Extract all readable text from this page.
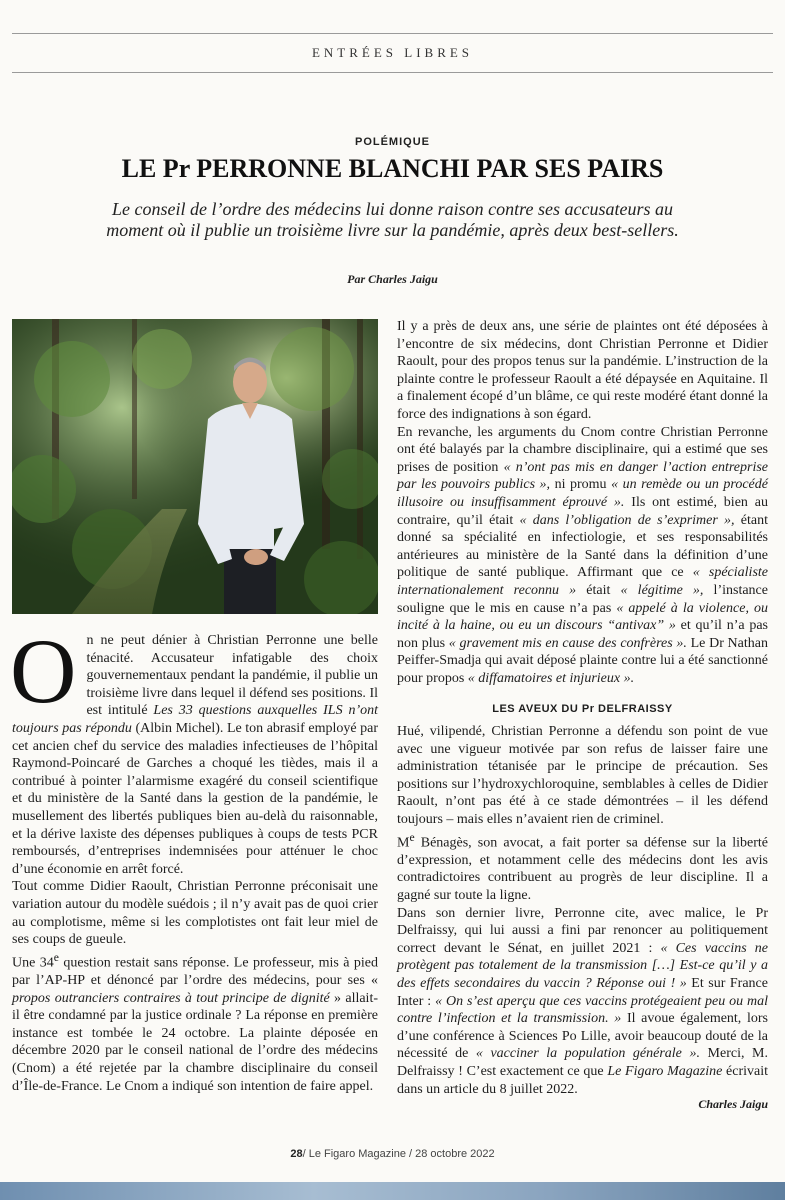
ENTRÉES LIBRES
POLÉMIQUE
LE Pr PERRONNE BLANCHI PAR SES PAIRS
Le conseil de l’ordre des médecins lui donne raison contre ses accusateurs au moment où il publie un troisième livre sur la pandémie, après deux best-sellers.
Par Charles Jaigu

On ne peut dénier à Christian Perronne une belle ténacité. Accusateur infatigable des choix gouvernementaux pendant la pandémie, il publie un troisième livre dans lequel il défend ses positions. Il est intitulé Les 33 questions auxquelles ILS n’ont toujours pas répondu (Albin Michel). Le ton abrasif employé par cet ancien chef du service des maladies infectieuses de l’hôpital Raymond-Poincaré de Garches a choqué les tièdes, mais il a contribué à pointer l’alarmisme exagéré du conseil scientifique et du ministère de la Santé dans la gestion de la pandémie, le musellement des libertés publiques bien au-delà du raisonnable, et la dérive laxiste des dépenses publiques à coups de tests PCR remboursés, d’entreprises indemnisées pour atténuer le choc d’une économie en arrêt forcé.

Tout comme Didier Raoult, Christian Perronne préconisait une variation autour du modèle suédois ; il n’y avait pas de quoi crier au complotisme, même si les complotistes ont fait leur miel de ses coups de gueule.

Une 34e question restait sans réponse. Le professeur, mis à pied par l’AP-HP et dénoncé par l’ordre des médecins, pour ses « propos outranciers contraires à tout principe de dignité » allait-il être condamné par la justice ordinale ? La réponse en première instance est tombée le 24 octobre. La plainte déposée en décembre 2020 par le conseil national de l’ordre des médecins (Cnom) a été rejetée par la chambre disciplinaire du conseil d’Île-de-France. Le Cnom a indiqué son intention de faire appel.

Il y a près de deux ans, une série de plaintes ont été déposées à l’encontre de six médecins, dont Christian Perronne et Didier Raoult, pour des propos tenus sur la pandémie. L’instruction de la plainte contre le professeur Raoult a été dépaysée en Aquitaine. Il a finalement écopé d’un blâme, ce qui reste modéré étant donné la force des indignations à son égard.

En revanche, les arguments du Cnom contre Christian Perronne ont été balayés par la chambre disciplinaire, qui a estimé que ses prises de position « n’ont pas mis en danger l’action entreprise par les pouvoirs publics », ni promu « un remède ou un procédé illusoire ou insuffisamment éprouvé ». Ils ont estimé, bien au contraire, qu’il était « dans l’obligation de s’exprimer », étant donné sa spécialité en infectiologie, et ses responsabilités antérieures au ministère de la Santé dans la définition d’une politique de santé publique. Affirmant que ce « spécialiste internationalement reconnu » était « légitime », l’instance souligne que le mis en cause n’a pas « appelé à la violence, ou incité à la haine, ou eu un discours “antivax” » et qu’il n’a pas non plus « gravement mis en cause des confrères ». Le Dr Nathan Peiffer-Smadja qui avait déposé plainte contre lui a été sanctionné pour propos « diffamatoires et injurieux ».

LES AVEUX DU Pr DELFRAISSY

Hué, vilipendé, Christian Perronne a défendu son point de vue avec une vigueur motivée par son refus de laisser faire une administration tétanisée par le principe de précaution. Ses positions sur l’hydroxychloroquine, semblables à celles de Didier Raoult, n’ont pas été à ce stade démontrées – il les défend toujours – mais elles n’avaient rien de criminel.

Me Bénagès, son avocat, a fait porter sa défense sur la liberté d’expression, et notamment celle des médecins dont les avis contradictoires contribuent au progrès de leur discipline. Il a gagné sur toute la ligne.

Dans son dernier livre, Perronne cite, avec malice, le Pr Delfraissy, qui lui aussi a fini par renoncer au politiquement correct devant le Sénat, en juillet 2021 : « Ces vaccins ne protègent pas totalement de la transmission […] Est-ce qu’il y a des effets secondaires du vaccin ? Réponse oui ! » Et sur France Inter : « On s’est aperçu que ces vaccins protégeaient peu ou mal contre l’infection et la transmission. » Il avoue également, lors d’une conférence à Sciences Po Lille, avoir beaucoup douté de la nécessité de « vacciner la population générale ». Merci, M. Delfraissy ! C’est exactement ce que Le Figaro Magazine écrivait dans un article du 8 juillet 2022.

Charles Jaigu
28/ Le Figaro Magazine / 28 octobre 2022
